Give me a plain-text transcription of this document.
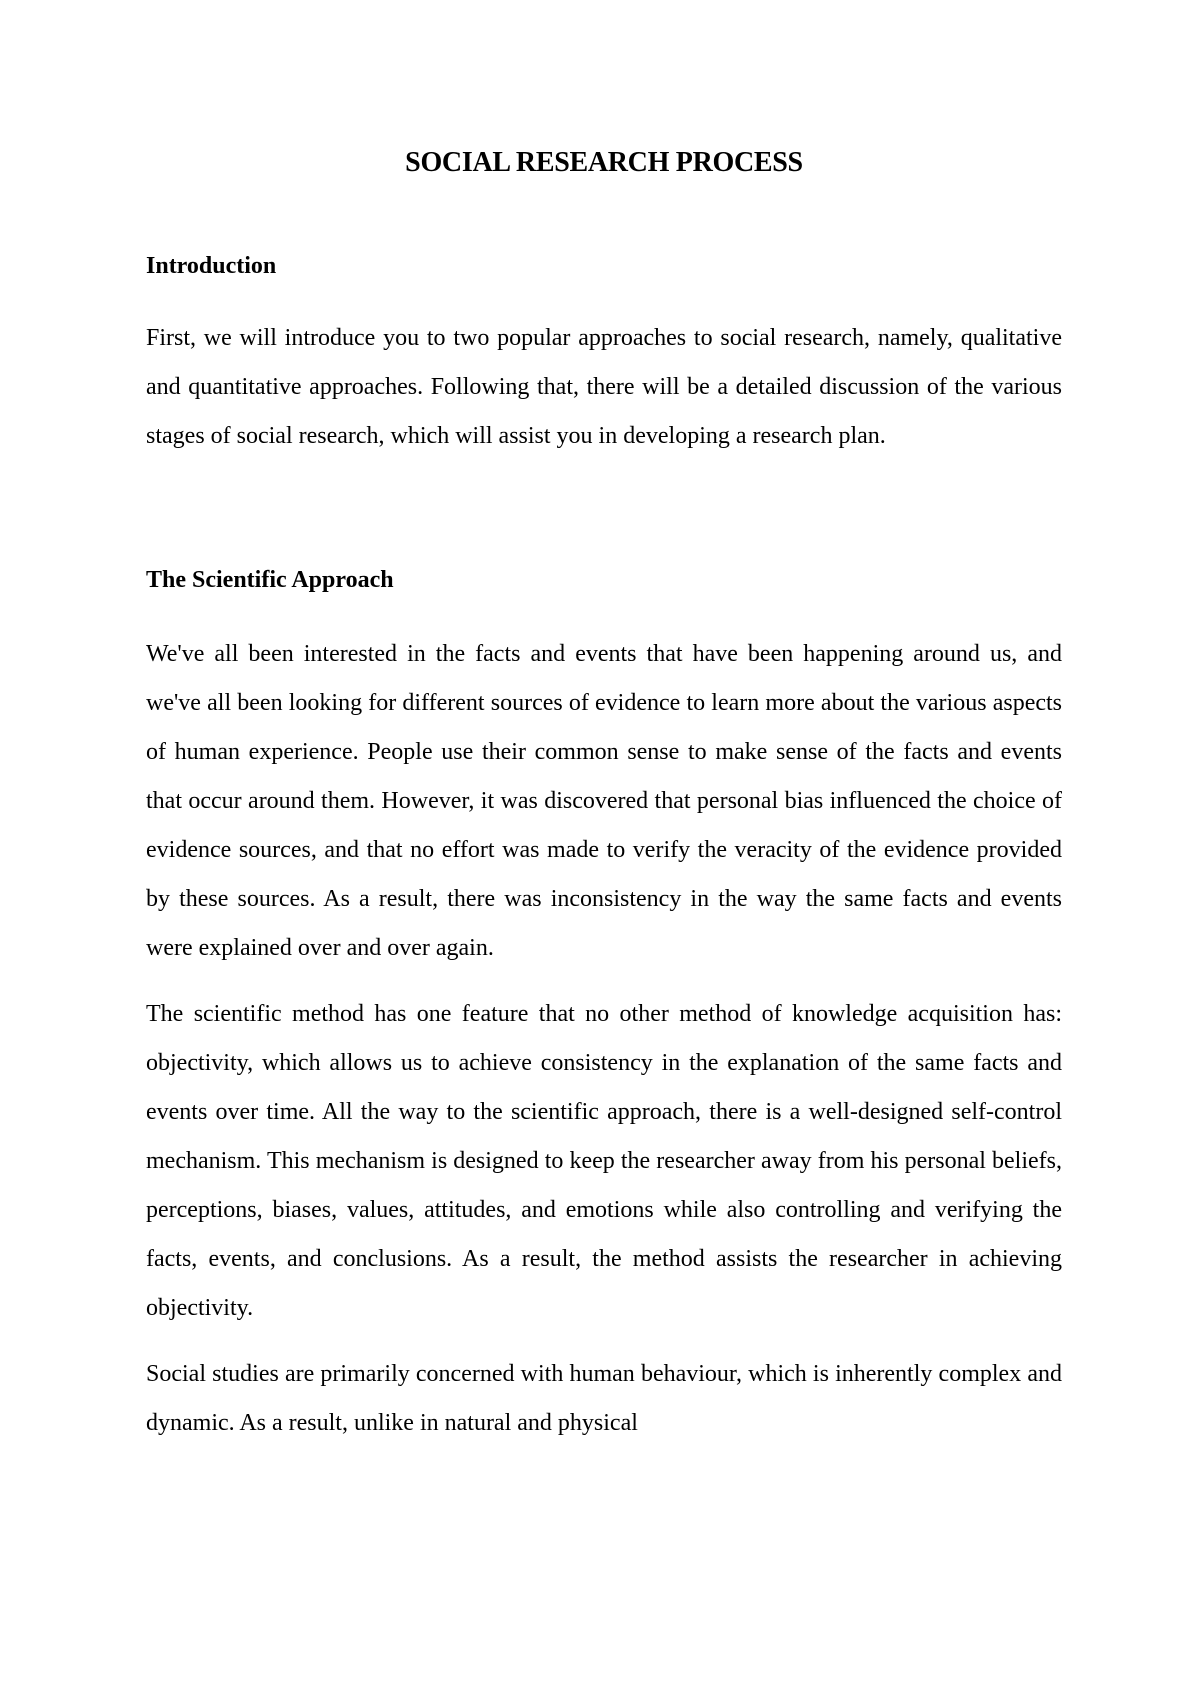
SOCIAL RESEARCH PROCESS
Introduction

First, we will introduce you to two popular approaches to social research, namely, qualitative and quantitative approaches. Following that, there will be a detailed discussion of the various stages of social research, which will assist you in developing a research plan.

The Scientific Approach

We've all been interested in the facts and events that have been happening around us, and we've all been looking for different sources of evidence to learn more about the various aspects of human experience. People use their common sense to make sense of the facts and events that occur around them. However, it was discovered that personal bias influenced the choice of evidence sources, and that no effort was made to verify the veracity of the evidence provided by these sources. As a result, there was inconsistency in the way the same facts and events were explained over and over again.

The scientific method has one feature that no other method of knowledge acquisition has: objectivity, which allows us to achieve consistency in the explanation of the same facts and events over time. All the way to the scientific approach, there is a well-designed self-control mechanism. This mechanism is designed to keep the researcher away from his personal beliefs, perceptions, biases, values, attitudes, and emotions while also controlling and verifying the facts, events, and conclusions. As a result, the method assists the researcher in achieving objectivity.

Social studies are primarily concerned with human behaviour, which is inherently complex and dynamic. As a result, unlike in natural and physical
